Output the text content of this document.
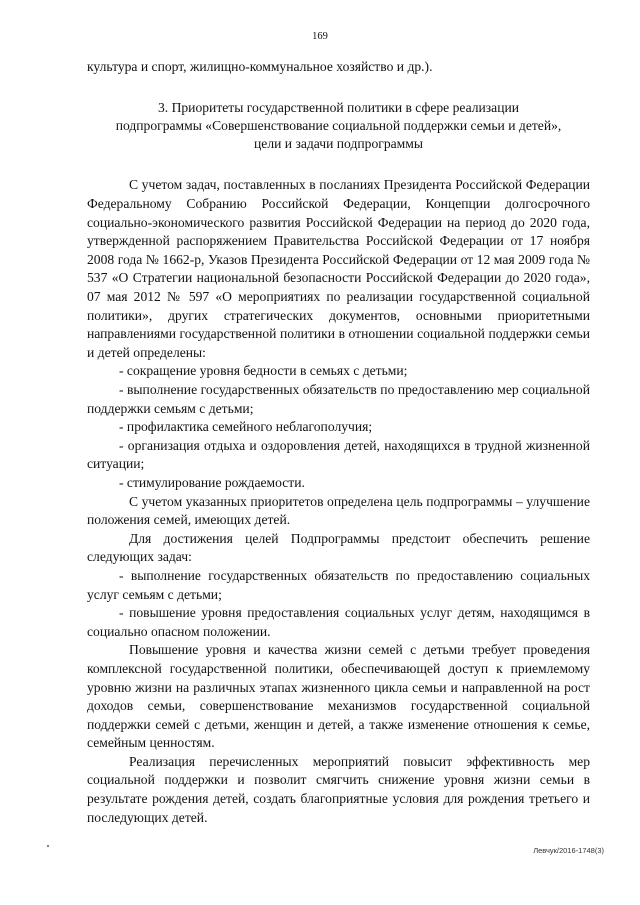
169

культура и спорт, жилищно-коммунальное хозяйство и др.).

3. Приоритеты государственной политики в сфере реализации
подпрограммы «Совершенствование социальной поддержки семьи и детей»,
цели и задачи подпрограммы

С учетом задач, поставленных в посланиях Президента Российской Федерации Федеральному Собранию Российской Федерации, Концепции долгосрочного социально-экономического развития Российской Федерации на период до 2020 года, утвержденной распоряжением Правительства Российской Федерации от 17 ноября 2008 года № 1662-р, Указов Президента Российской Федерации от 12 мая 2009 года № 537 «О Стратегии национальной безопасности Российской Федерации до 2020 года», 07 мая 2012 № 597 «О мероприятиях по реализации государственной социальной политики», других стратегических документов, основными приоритетными направлениями государственной политики в отношении социальной поддержки семьи и детей определены:

- сокращение уровня бедности в семьях с детьми;

- выполнение государственных обязательств по предоставлению мер социальной поддержки семьям с детьми;

- профилактика семейного неблагополучия;

- организация отдыха и оздоровления детей, находящихся в трудной жизненной ситуации;

- стимулирование рождаемости.

С учетом указанных приоритетов определена цель подпрограммы – улучшение положения семей, имеющих детей.

Для достижения целей Подпрограммы предстоит обеспечить решение следующих задач:

- выполнение государственных обязательств по предоставлению социальных услуг семьям с детьми;

- повышение уровня предоставления социальных услуг детям, находящимся в социально опасном положении.

Повышение уровня и качества жизни семей с детьми требует проведения комплексной государственной политики, обеспечивающей доступ к приемлемому уровню жизни на различных этапах жизненного цикла семьи и направленной на рост доходов семьи, совершенствование механизмов государственной социальной поддержки семей с детьми, женщин и детей, а также изменение отношения к семье, семейным ценностям.

Реализация перечисленных мероприятий повысит эффективность мер социальной поддержки и позволит смягчить снижение уровня жизни семьи в результате рождения детей, создать благоприятные условия для рождения третьего и последующих детей.

Левчук/2016-1748(3)
